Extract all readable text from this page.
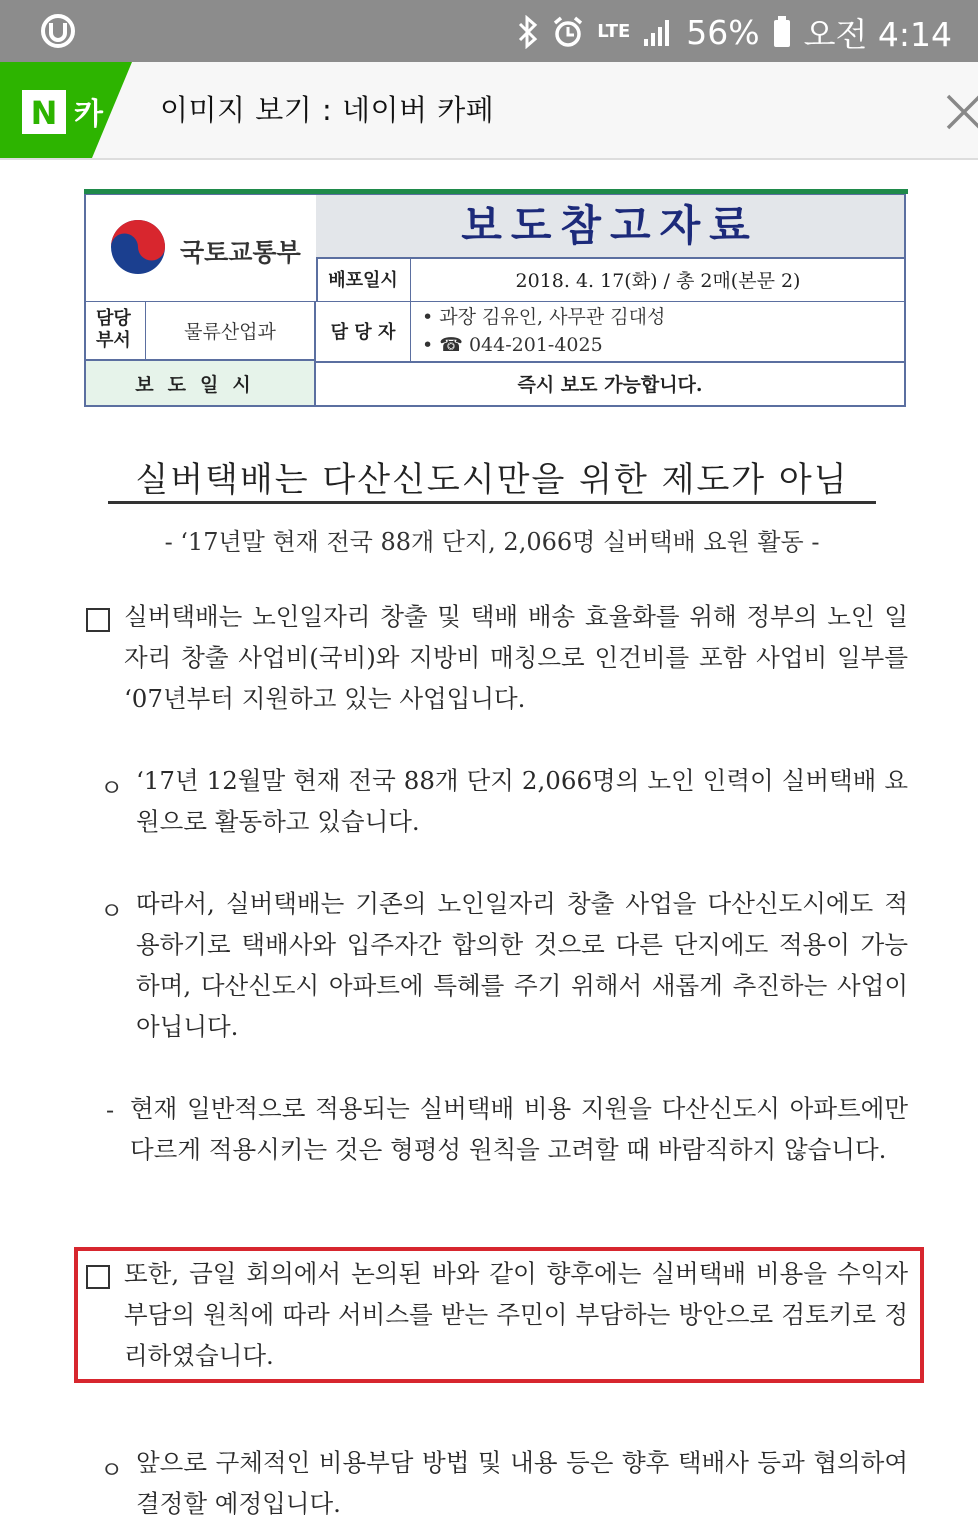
LTE 56% 오전 4:14
N 카 이미지 보기 : 네이버 카페
국토교통부
보도참고자료
배포일시	2018. 4. 17(화) / 총 2매(본문 2)
담당
부서	물류산업과	담 당 자
• 과장 김유인, 사무관 김대성
• ☎ 044-201-4025
보도일시	즉시 보도 가능합니다.
실버택배는 다산신도시만을 위한 제도가 아님
- ‘17년말 현재 전국 88개 단지, 2,066명 실버택배 요원 활동 -
실버택배는 노인일자리 창출 및 택배 배송 효율화를 위해 정부의 노인 일자리 창출 사업비(국비)와 지방비 매칭으로 인건비를 포함 사업비 일부를 ‘07년부터 지원하고 있는 사업입니다.
ㅇ ‘17년 12월말 현재 전국 88개 단지 2,066명의 노인 인력이 실버택배 요원으로 활동하고 있습니다.
ㅇ 따라서, 실버택배는 기존의 노인일자리 창출 사업을 다산신도시에도 적용하기로 택배사와 입주자간 합의한 것으로 다른 단지에도 적용이 가능하며, 다산신도시 아파트에 특혜를 주기 위해서 새롭게 추진하는 사업이 아닙니다.
- 현재 일반적으로 적용되는 실버택배 비용 지원을 다산신도시 아파트에만 다르게 적용시키는 것은 형평성 원칙을 고려할 때 바람직하지 않습니다.
또한, 금일 회의에서 논의된 바와 같이 향후에는 실버택배 비용을 수익자 부담의 원칙에 따라 서비스를 받는 주민이 부담하는 방안으로 검토키로 정리하였습니다.
ㅇ 앞으로 구체적인 비용부담 방법 및 내용 등은 향후 택배사 등과 협의하여 결정할 예정입니다.
